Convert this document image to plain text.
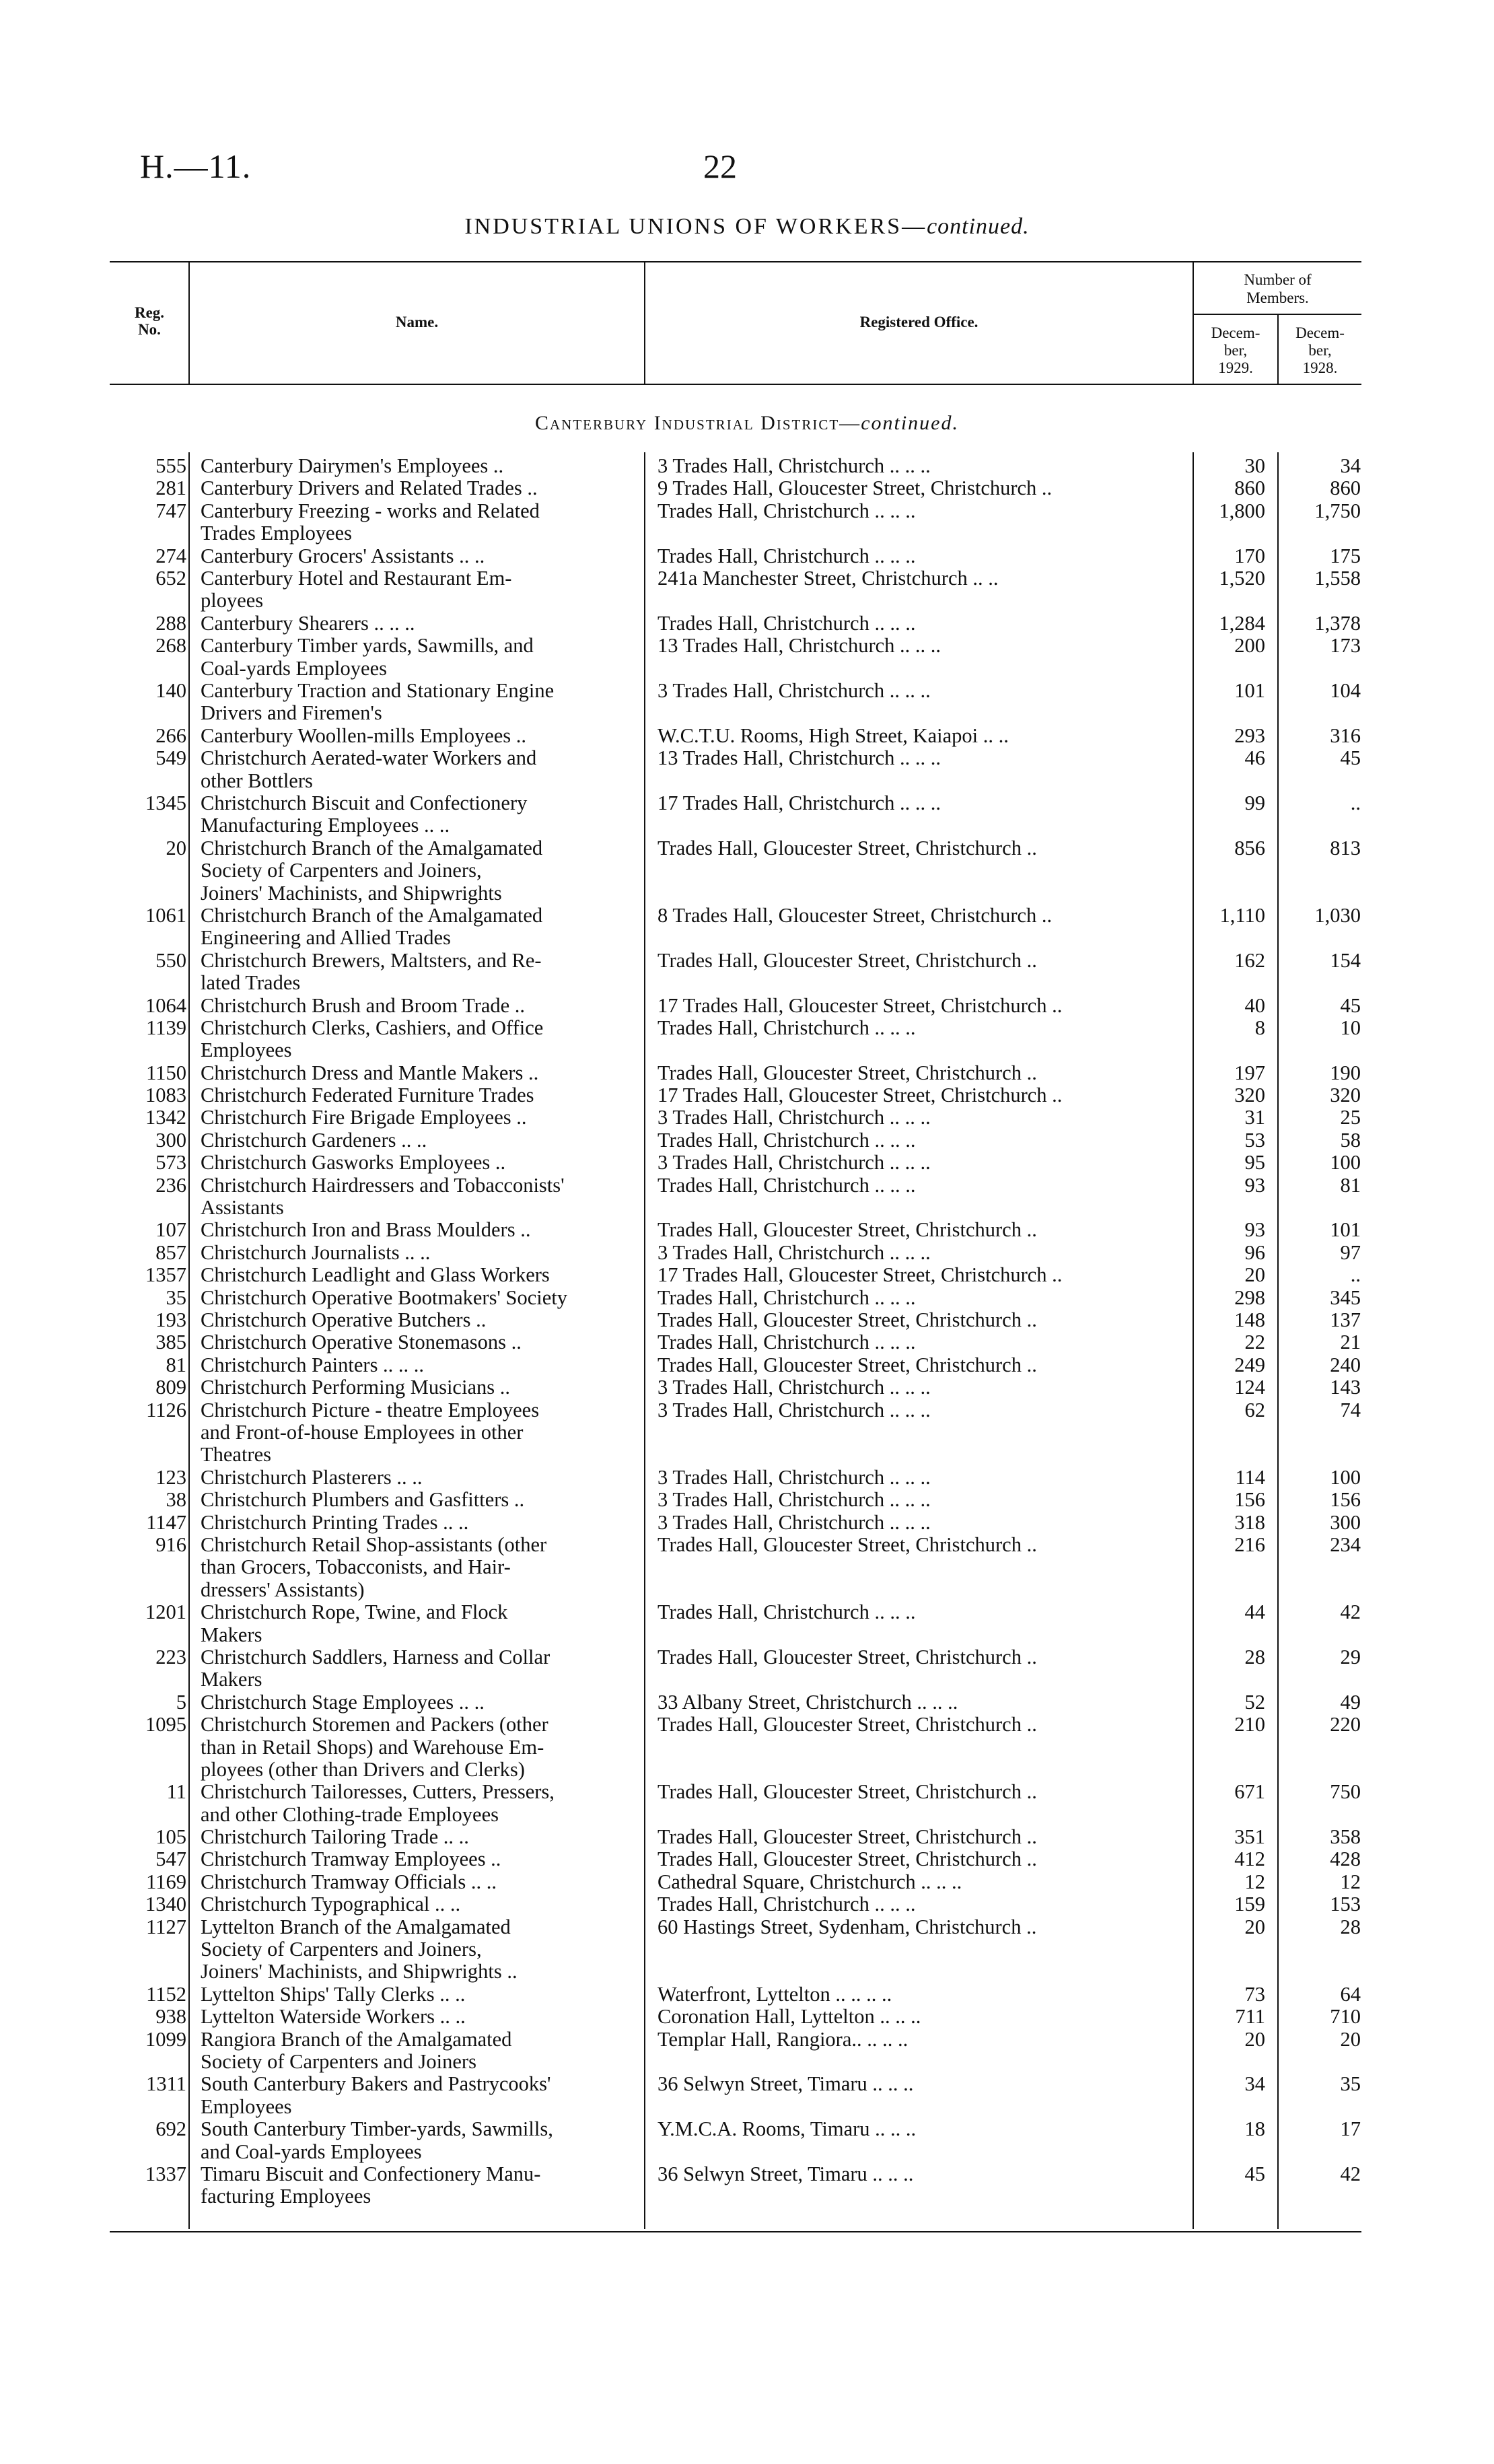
H.—11.	22
INDUSTRIAL UNIONS OF WORKERS—continued.
Reg.
No.	Name.	Registered Office.
Number of
Members.
Decem-
ber,
1929.
Decem-
ber,
1928.
Canterbury Industrial District—continued.
555 Canterbury Dairymen's Employees ..	3 Trades Hall, Christchurch .. .. ..	30	34
281 Canterbury Drivers and Related Trades ..	9 Trades Hall, Gloucester Street, Christchurch ..	860	860
747 Canterbury Freezing - works and Related
Trades Employees
Trades Hall, Christchurch .. .. ..	1,800	1,750
274 Canterbury Grocers' Assistants .. ..	Trades Hall, Christchurch .. .. ..	170	175
652 Canterbury Hotel and Restaurant Em-
ployees
241a Manchester Street, Christchurch .. ..	1,520	1,558
288 Canterbury Shearers .. .. ..	Trades Hall, Christchurch .. .. ..	1,284	1,378
268 Canterbury Timber yards, Sawmills, and
Coal-yards Employees
13 Trades Hall, Christchurch .. .. ..	200	173
140 Canterbury Traction and Stationary Engine
Drivers and Firemen's
3 Trades Hall, Christchurch .. .. ..	101	104
266 Canterbury Woollen-mills Employees ..	W.C.T.U. Rooms, High Street, Kaiapoi .. ..	293	316
549 Christchurch Aerated-water Workers and
other Bottlers
13 Trades Hall, Christchurch .. .. ..	46	45
1345 Christchurch Biscuit and Confectionery
Manufacturing Employees .. ..
17 Trades Hall, Christchurch .. .. ..	99	..
20 Christchurch Branch of the Amalgamated
Society of Carpenters and Joiners,
Joiners' Machinists, and Shipwrights
Trades Hall, Gloucester Street, Christchurch ..	856	813
1061 Christchurch Branch of the Amalgamated
Engineering and Allied Trades
8 Trades Hall, Gloucester Street, Christchurch ..	1,110	1,030
550 Christchurch Brewers, Maltsters, and Re-
lated Trades
Trades Hall, Gloucester Street, Christchurch ..	162	154
1064 Christchurch Brush and Broom Trade ..	17 Trades Hall, Gloucester Street, Christchurch ..	40	45
1139 Christchurch Clerks, Cashiers, and Office
Employees
Trades Hall, Christchurch .. .. ..	8	10
1150 Christchurch Dress and Mantle Makers ..	Trades Hall, Gloucester Street, Christchurch ..	197	190
1083 Christchurch Federated Furniture Trades	17 Trades Hall, Gloucester Street, Christchurch ..	320	320
1342 Christchurch Fire Brigade Employees ..	3 Trades Hall, Christchurch .. .. ..	31	25
300 Christchurch Gardeners .. ..	Trades Hall, Christchurch .. .. ..	53	58
573 Christchurch Gasworks Employees ..	3 Trades Hall, Christchurch .. .. ..	95	100
236 Christchurch Hairdressers and Tobacconists'
Assistants
Trades Hall, Christchurch .. .. ..	93	81
107 Christchurch Iron and Brass Moulders ..	Trades Hall, Gloucester Street, Christchurch ..	93	101
857 Christchurch Journalists .. ..	3 Trades Hall, Christchurch .. .. ..	96	97
1357 Christchurch Leadlight and Glass Workers	17 Trades Hall, Gloucester Street, Christchurch ..	20	..
35 Christchurch Operative Bootmakers' Society	Trades Hall, Christchurch .. .. ..	298	345
193 Christchurch Operative Butchers ..	Trades Hall, Gloucester Street, Christchurch ..	148	137
385 Christchurch Operative Stonemasons ..	Trades Hall, Christchurch .. .. ..	22	21
81 Christchurch Painters .. .. ..	Trades Hall, Gloucester Street, Christchurch ..	249	240
809 Christchurch Performing Musicians ..	3 Trades Hall, Christchurch .. .. ..	124	143
1126 Christchurch Picture - theatre Employees
and Front-of-house Employees in other
Theatres
3 Trades Hall, Christchurch .. .. ..	62	74
123 Christchurch Plasterers .. ..	3 Trades Hall, Christchurch .. .. ..	114	100
38 Christchurch Plumbers and Gasfitters ..	3 Trades Hall, Christchurch .. .. ..	156	156
1147 Christchurch Printing Trades .. ..	3 Trades Hall, Christchurch .. .. ..	318	300
916 Christchurch Retail Shop-assistants (other
than Grocers, Tobacconists, and Hair-
dressers' Assistants)
Trades Hall, Gloucester Street, Christchurch ..	216	234
1201 Christchurch Rope, Twine, and Flock
Makers
Trades Hall, Christchurch .. .. ..	44	42
223 Christchurch Saddlers, Harness and Collar
Makers
Trades Hall, Gloucester Street, Christchurch ..	28	29
5 Christchurch Stage Employees .. ..	33 Albany Street, Christchurch .. .. ..	52	49
1095 Christchurch Storemen and Packers (other
than in Retail Shops) and Warehouse Em-
ployees (other than Drivers and Clerks)
Trades Hall, Gloucester Street, Christchurch ..	210	220
11 Christchurch Tailoresses, Cutters, Pressers,
and other Clothing-trade Employees
Trades Hall, Gloucester Street, Christchurch ..	671	750
105 Christchurch Tailoring Trade .. ..	Trades Hall, Gloucester Street, Christchurch ..	351	358
547 Christchurch Tramway Employees ..	Trades Hall, Gloucester Street, Christchurch ..	412	428
1169 Christchurch Tramway Officials .. ..	Cathedral Square, Christchurch .. .. ..	12	12
1340 Christchurch Typographical .. ..	Trades Hall, Christchurch .. .. ..	159	153
1127 Lyttelton Branch of the Amalgamated
Society of Carpenters and Joiners,
Joiners' Machinists, and Shipwrights ..
60 Hastings Street, Sydenham, Christchurch ..	20	28
1152 Lyttelton Ships' Tally Clerks .. ..	Waterfront, Lyttelton .. .. .. ..	73	64
938 Lyttelton Waterside Workers .. ..	Coronation Hall, Lyttelton .. .. ..	711	710
1099 Rangiora Branch of the Amalgamated
Society of Carpenters and Joiners
Templar Hall, Rangiora.. .. .. ..	20	20
1311 South Canterbury Bakers and Pastrycooks'
Employees
36 Selwyn Street, Timaru .. .. ..	34	35
692 South Canterbury Timber-yards, Sawmills,
and Coal-yards Employees
Y.M.C.A. Rooms, Timaru .. .. ..	18	17
1337 Timaru Biscuit and Confectionery Manu-
facturing Employees
36 Selwyn Street, Timaru .. .. ..	45	42
